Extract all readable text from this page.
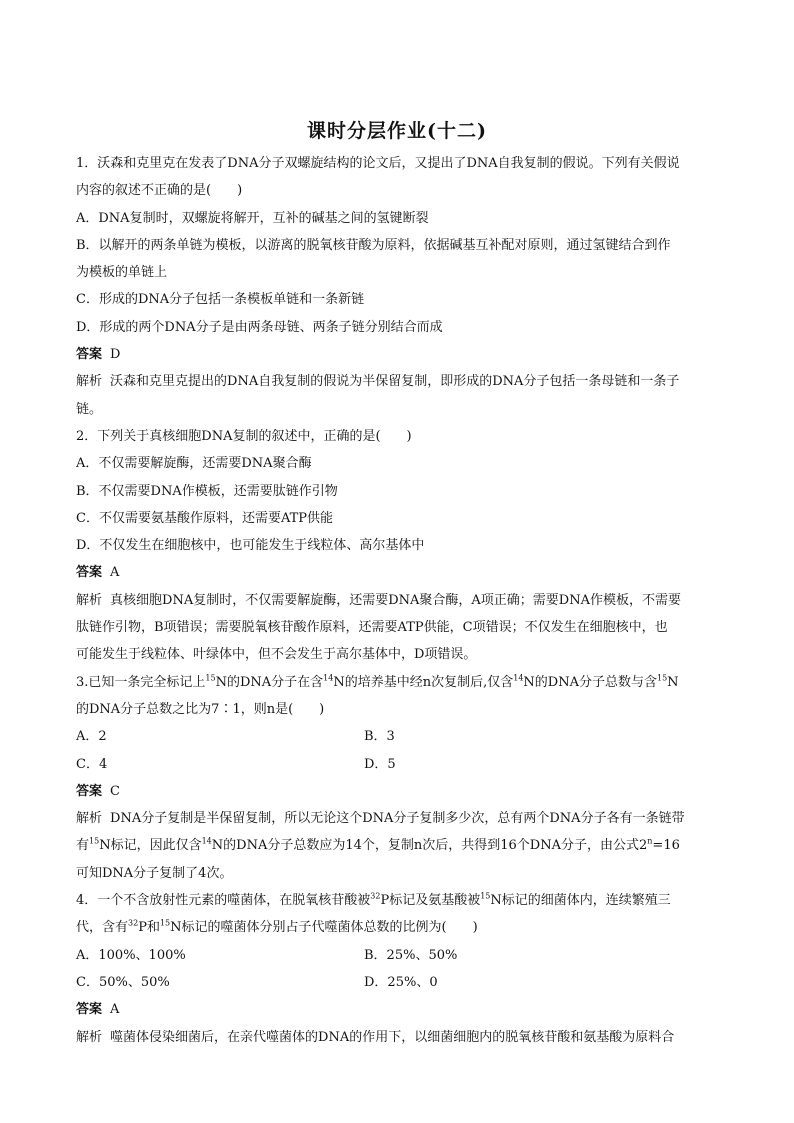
课时分层作业(十二)
1．沃森和克里克在发表了DNA分子双螺旋结构的论文后，又提出了DNA自我复制的假说。下列有关假说
内容的叙述不正确的是(　　)
A．DNA复制时，双螺旋将解开，互补的碱基之间的氢键断裂
B．以解开的两条单链为模板，以游离的脱氧核苷酸为原料，依据碱基互补配对原则，通过氢键结合到作
为模板的单链上
C．形成的DNA分子包括一条模板单链和一条新链
D．形成的两个DNA分子是由两条母链、两条子链分别结合而成
答案 D
解析 沃森和克里克提出的DNA自我复制的假说为半保留复制，即形成的DNA分子包括一条母链和一条子
链。
2．下列关于真核细胞DNA复制的叙述中，正确的是(　　)
A．不仅需要解旋酶，还需要DNA聚合酶
B．不仅需要DNA作模板，还需要肽链作引物
C．不仅需要氨基酸作原料，还需要ATP供能
D．不仅发生在细胞核中，也可能发生于线粒体、高尔基体中
答案 A
解析 真核细胞DNA复制时，不仅需要解旋酶，还需要DNA聚合酶，A项正确；需要DNA作模板，不需要
肽链作引物，B项错误；需要脱氧核苷酸作原料，还需要ATP供能，C项错误；不仅发生在细胞核中，也
可能发生于线粒体、叶绿体中，但不会发生于高尔基体中，D项错误。
3.已知一条完全标记上$^{15}$N的DNA分子在含$^{14}$N的培养基中经n次复制后,仅含$^{14}$N的DNA分子总数与含$^{15}$N
的DNA分子总数之比为7∶1，则n是(　　)
A．2	B．3
C．4	D．5
答案 C
解析 DNA分子复制是半保留复制，所以无论这个DNA分子复制多少次，总有两个DNA分子各有一条链带
有$^{15}$N标记，因此仅含$^{14}$N的DNA分子总数应为14个，复制n次后，共得到16个DNA分子，由公式$2^n=16$
可知DNA分子复制了4次。
4．一个不含放射性元素的噬菌体，在脱氧核苷酸被$^{32}$P标记及氨基酸被$^{15}$N标记的细菌体内，连续繁殖三
代，含有$^{32}$P和$^{15}$N标记的噬菌体分别占子代噬菌体总数的比例为(　　)
A．100%、100%	B．25%、50%
C．50%、50%	D．25%、0
答案 A
解析 噬菌体侵染细菌后，在亲代噬菌体的DNA的作用下，以细菌细胞内的脱氧核苷酸和氨基酸为原料合
